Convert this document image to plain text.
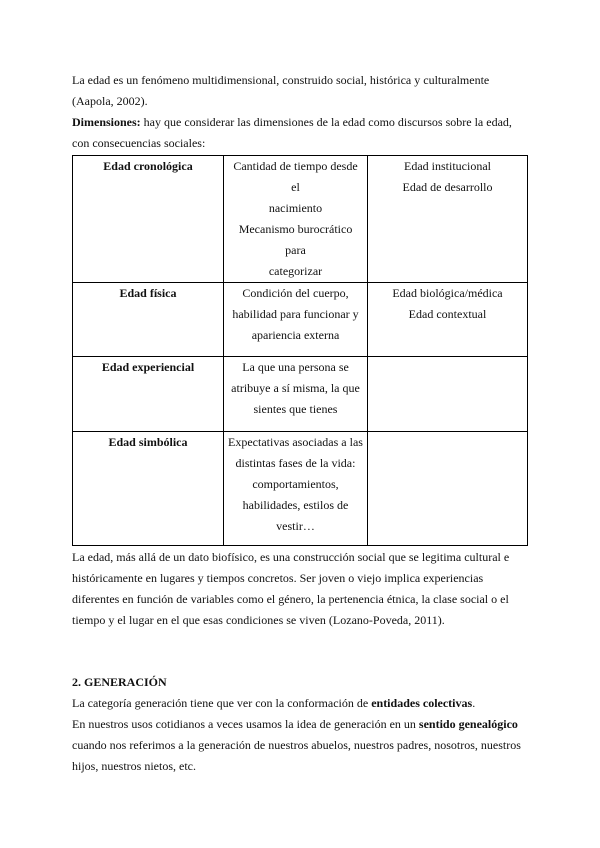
La edad es un fenómeno multidimensional, construido social, histórica y culturalmente

(Aapola, 2002).

Dimensiones: hay que considerar las dimensiones de la edad como discursos sobre la edad,

con consecuencias sociales:

Edad cronológica	Cantidad de tiempo desde el
nacimiento
Mecanismo burocrático para
categorizar	Edad institucional
Edad de desarrollo

Edad física	Condición del cuerpo,
habilidad para funcionar y
apariencia externa	Edad biológica/médica
Edad contextual

Edad experiencial	La que una persona se
atribuye a sí misma, la que
sientes que tienes	

Edad simbólica	Expectativas asociadas a las
distintas fases de la vida:
comportamientos,
habilidades, estilos de
vestir…	

La edad, más allá de un dato biofísico, es una construcción social que se legitima cultural e

históricamente en lugares y tiempos concretos. Ser joven o viejo implica experiencias

diferentes en función de variables como el género, la pertenencia étnica, la clase social o el

tiempo y el lugar en el que esas condiciones se viven (Lozano-Poveda, 2011).

2. GENERACIÓN

La categoría generación tiene que ver con la conformación de entidades colectivas.

En nuestros usos cotidianos a veces usamos la idea de generación en un sentido genealógico

cuando nos referimos a la generación de nuestros abuelos, nuestros padres, nosotros, nuestros

hijos, nuestros nietos, etc.
